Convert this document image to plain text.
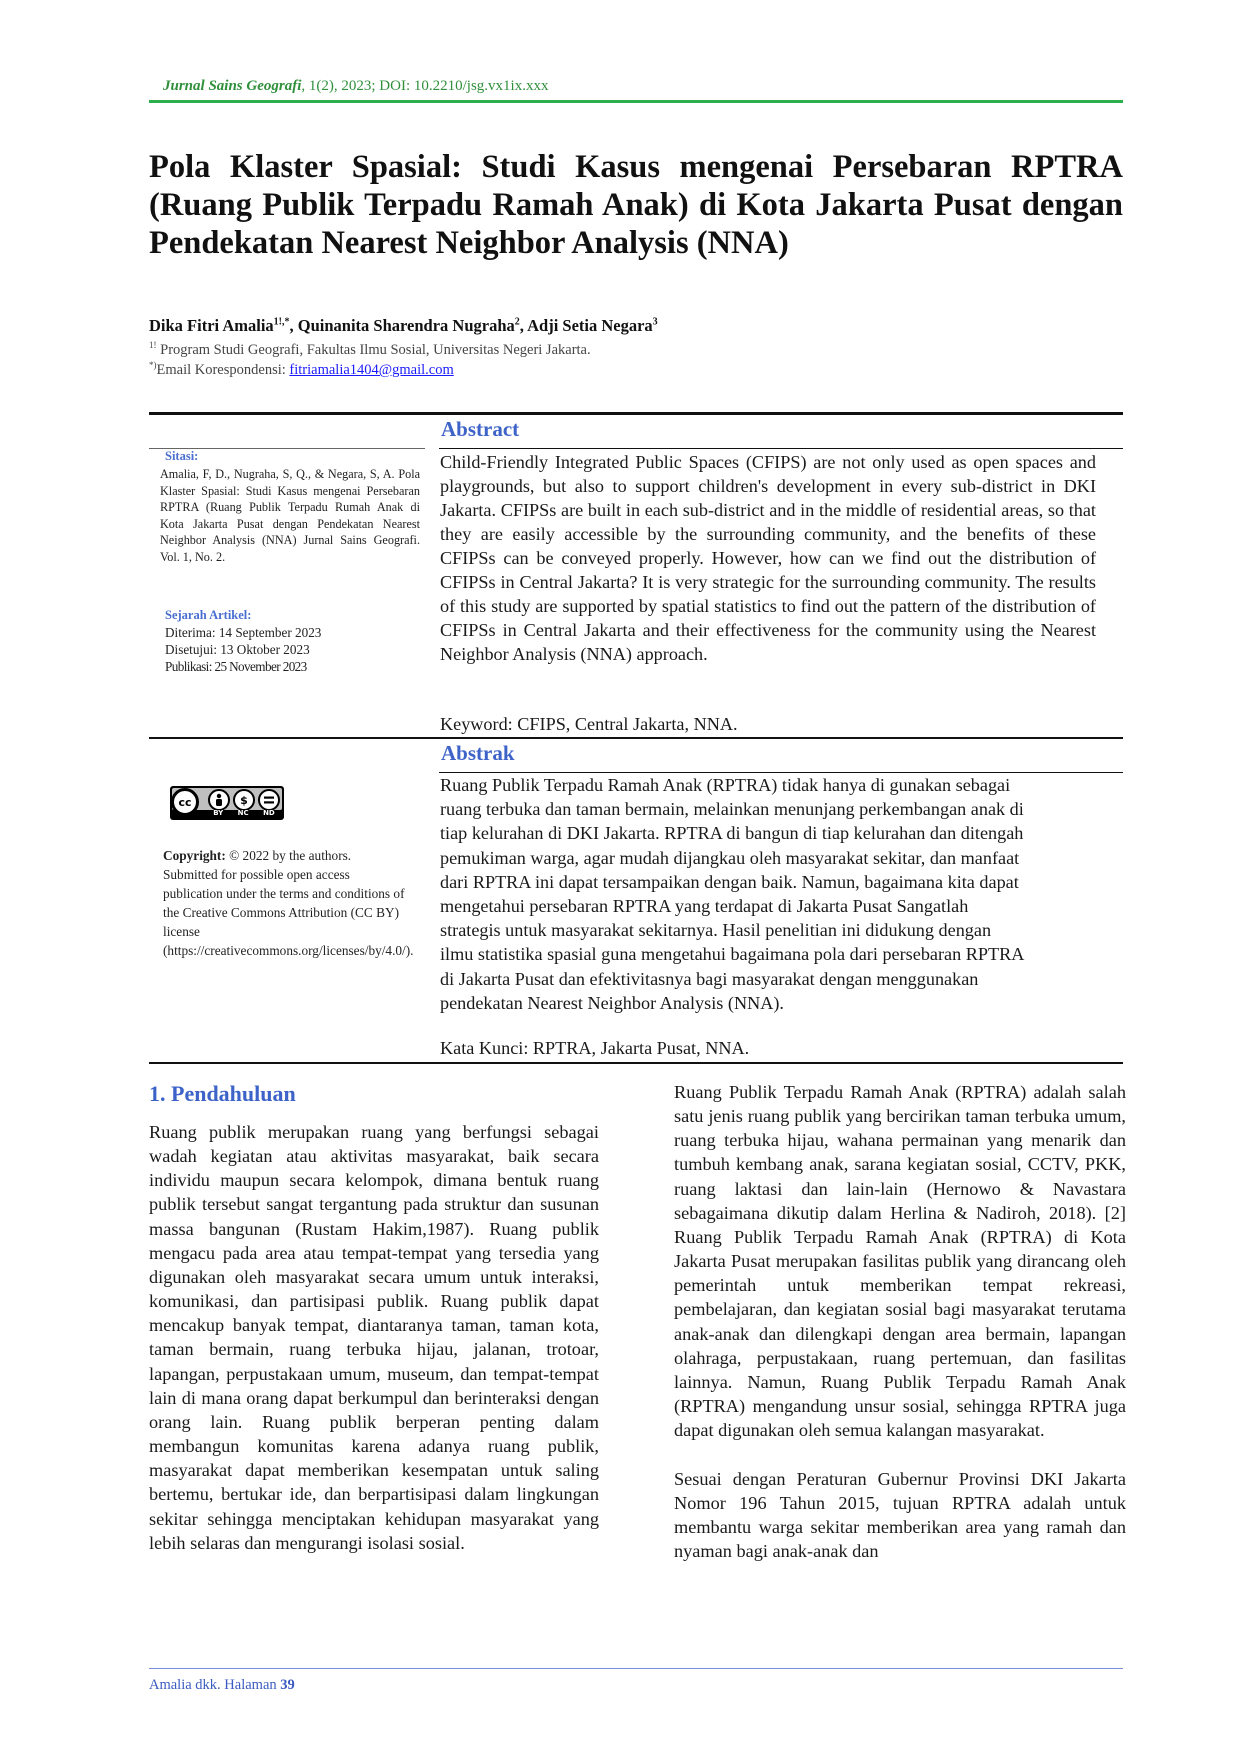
Jurnal Sains Geografi, 1(2), 2023; DOI: 10.2210/jsg.vx1ix.xxx
Pola Klaster Spasial: Studi Kasus mengenai Persebaran RPTRA
(Ruang Publik Terpadu Ramah Anak) di Kota Jakarta Pusat dengan
Pendekatan Nearest Neighbor Analysis (NNA)
Dika Fitri Amalia$^{1!,*}$, Quinanita Sharendra Nugraha$^2$, Adji Setia Negara$^3$
$^{1!}$ Program Studi Geografi, Fakultas Ilmu Sosial, Universitas Negeri Jakarta.
*)Email Korespondensi: fitriamalia1404@gmail.com
Sitasi:
Amalia, F, D., Nugraha, S, Q., & Negara, S, A. Pola Klaster Spasial: Studi Kasus mengenai Persebaran RPTRA (Ruang Publik Terpadu Rumah Anak di Kota Jakarta Pusat dengan Pendekatan Nearest Neighbor Analysis (NNA) Jurnal Sains Geografi. Vol. 1, No. 2.
Sejarah Artikel:
Diterima: 14 September 2023
Disetujui: 13 Oktober 2023
Publikasi: 25 November 2023
cc	$
BY NC ND
Copyright: © 2022 by the authors. Submitted for possible open access publication under the terms and conditions of the Creative Commons Attribution (CC BY) license (https://creativecommons.org/licenses/by/4.0/).
Abstract
Child-Friendly Integrated Public Spaces (CFIPS) are not only used as open spaces and playgrounds, but also to support children's development in every sub-district in DKI Jakarta. CFIPSs are built in each sub-district and in the middle of residential areas, so that they are easily accessible by the surrounding community, and the benefits of these CFIPSs can be conveyed properly. However, how can we find out the distribution of CFIPSs in Central Jakarta? It is very strategic for the surrounding community. The results of this study are supported by spatial statistics to find out the pattern of the distribution of CFIPSs in Central Jakarta and their effectiveness for the community using the Nearest Neighbor Analysis (NNA) approach.
Keyword: CFIPS, Central Jakarta, NNA.
Abstrak
Ruang Publik Terpadu Ramah Anak (RPTRA) tidak hanya di gunakan sebagai
ruang terbuka dan taman bermain, melainkan menunjang perkembangan anak di
tiap kelurahan di DKI Jakarta. RPTRA di bangun di tiap kelurahan dan ditengah
pemukiman warga, agar mudah dijangkau oleh masyarakat sekitar, dan manfaat
dari RPTRA ini dapat tersampaikan dengan baik. Namun, bagaimana kita dapat
mengetahui persebaran RPTRA yang terdapat di Jakarta Pusat Sangatlah
strategis untuk masyarakat sekitarnya. Hasil penelitian ini didukung dengan
ilmu statistika spasial guna mengetahui bagaimana pola dari persebaran RPTRA
di Jakarta Pusat dan efektivitasnya bagi masyarakat dengan menggunakan
pendekatan Nearest Neighbor Analysis (NNA).
Kata Kunci: RPTRA, Jakarta Pusat, NNA.
1. Pendahuluan
Ruang publik merupakan ruang yang berfungsi sebagai wadah kegiatan atau aktivitas masyarakat, baik secara individu maupun secara kelompok, dimana bentuk ruang publik tersebut sangat tergantung pada struktur dan susunan massa bangunan (Rustam Hakim,1987). Ruang publik mengacu pada area atau tempat-tempat yang tersedia yang digunakan oleh masyarakat secara umum untuk interaksi, komunikasi, dan partisipasi publik. Ruang publik dapat mencakup banyak tempat, diantaranya taman, taman kota, taman bermain, ruang terbuka hijau, jalanan, trotoar, lapangan, perpustakaan umum, museum, dan tempat-tempat lain di mana orang dapat berkumpul dan berinteraksi dengan orang lain. Ruang publik berperan penting dalam membangun komunitas karena adanya ruang publik, masyarakat dapat memberikan kesempatan untuk saling bertemu, bertukar ide, dan berpartisipasi dalam lingkungan sekitar sehingga menciptakan kehidupan masyarakat yang lebih selaras dan mengurangi isolasi sosial.
Ruang Publik Terpadu Ramah Anak (RPTRA) adalah salah satu jenis ruang publik yang bercirikan taman terbuka umum, ruang terbuka hijau, wahana permainan yang menarik dan tumbuh kembang anak, sarana kegiatan sosial, CCTV, PKK, ruang laktasi dan lain-lain (Hernowo & Navastara sebagaimana dikutip dalam Herlina & Nadiroh, 2018). [2] Ruang Publik Terpadu Ramah Anak (RPTRA) di Kota Jakarta Pusat merupakan fasilitas publik yang dirancang oleh pemerintah untuk memberikan tempat rekreasi, pembelajaran, dan kegiatan sosial bagi masyarakat terutama anak-anak dan dilengkapi dengan area bermain, lapangan olahraga, perpustakaan, ruang pertemuan, dan fasilitas lainnya. Namun, Ruang Publik Terpadu Ramah Anak (RPTRA) mengandung unsur sosial, sehingga RPTRA juga dapat digunakan oleh semua kalangan masyarakat.
Sesuai dengan Peraturan Gubernur Provinsi DKI Jakarta Nomor 196 Tahun 2015, tujuan RPTRA adalah untuk membantu warga sekitar memberikan area yang ramah dan nyaman bagi anak-anak dan
Amalia dkk. Halaman 39
